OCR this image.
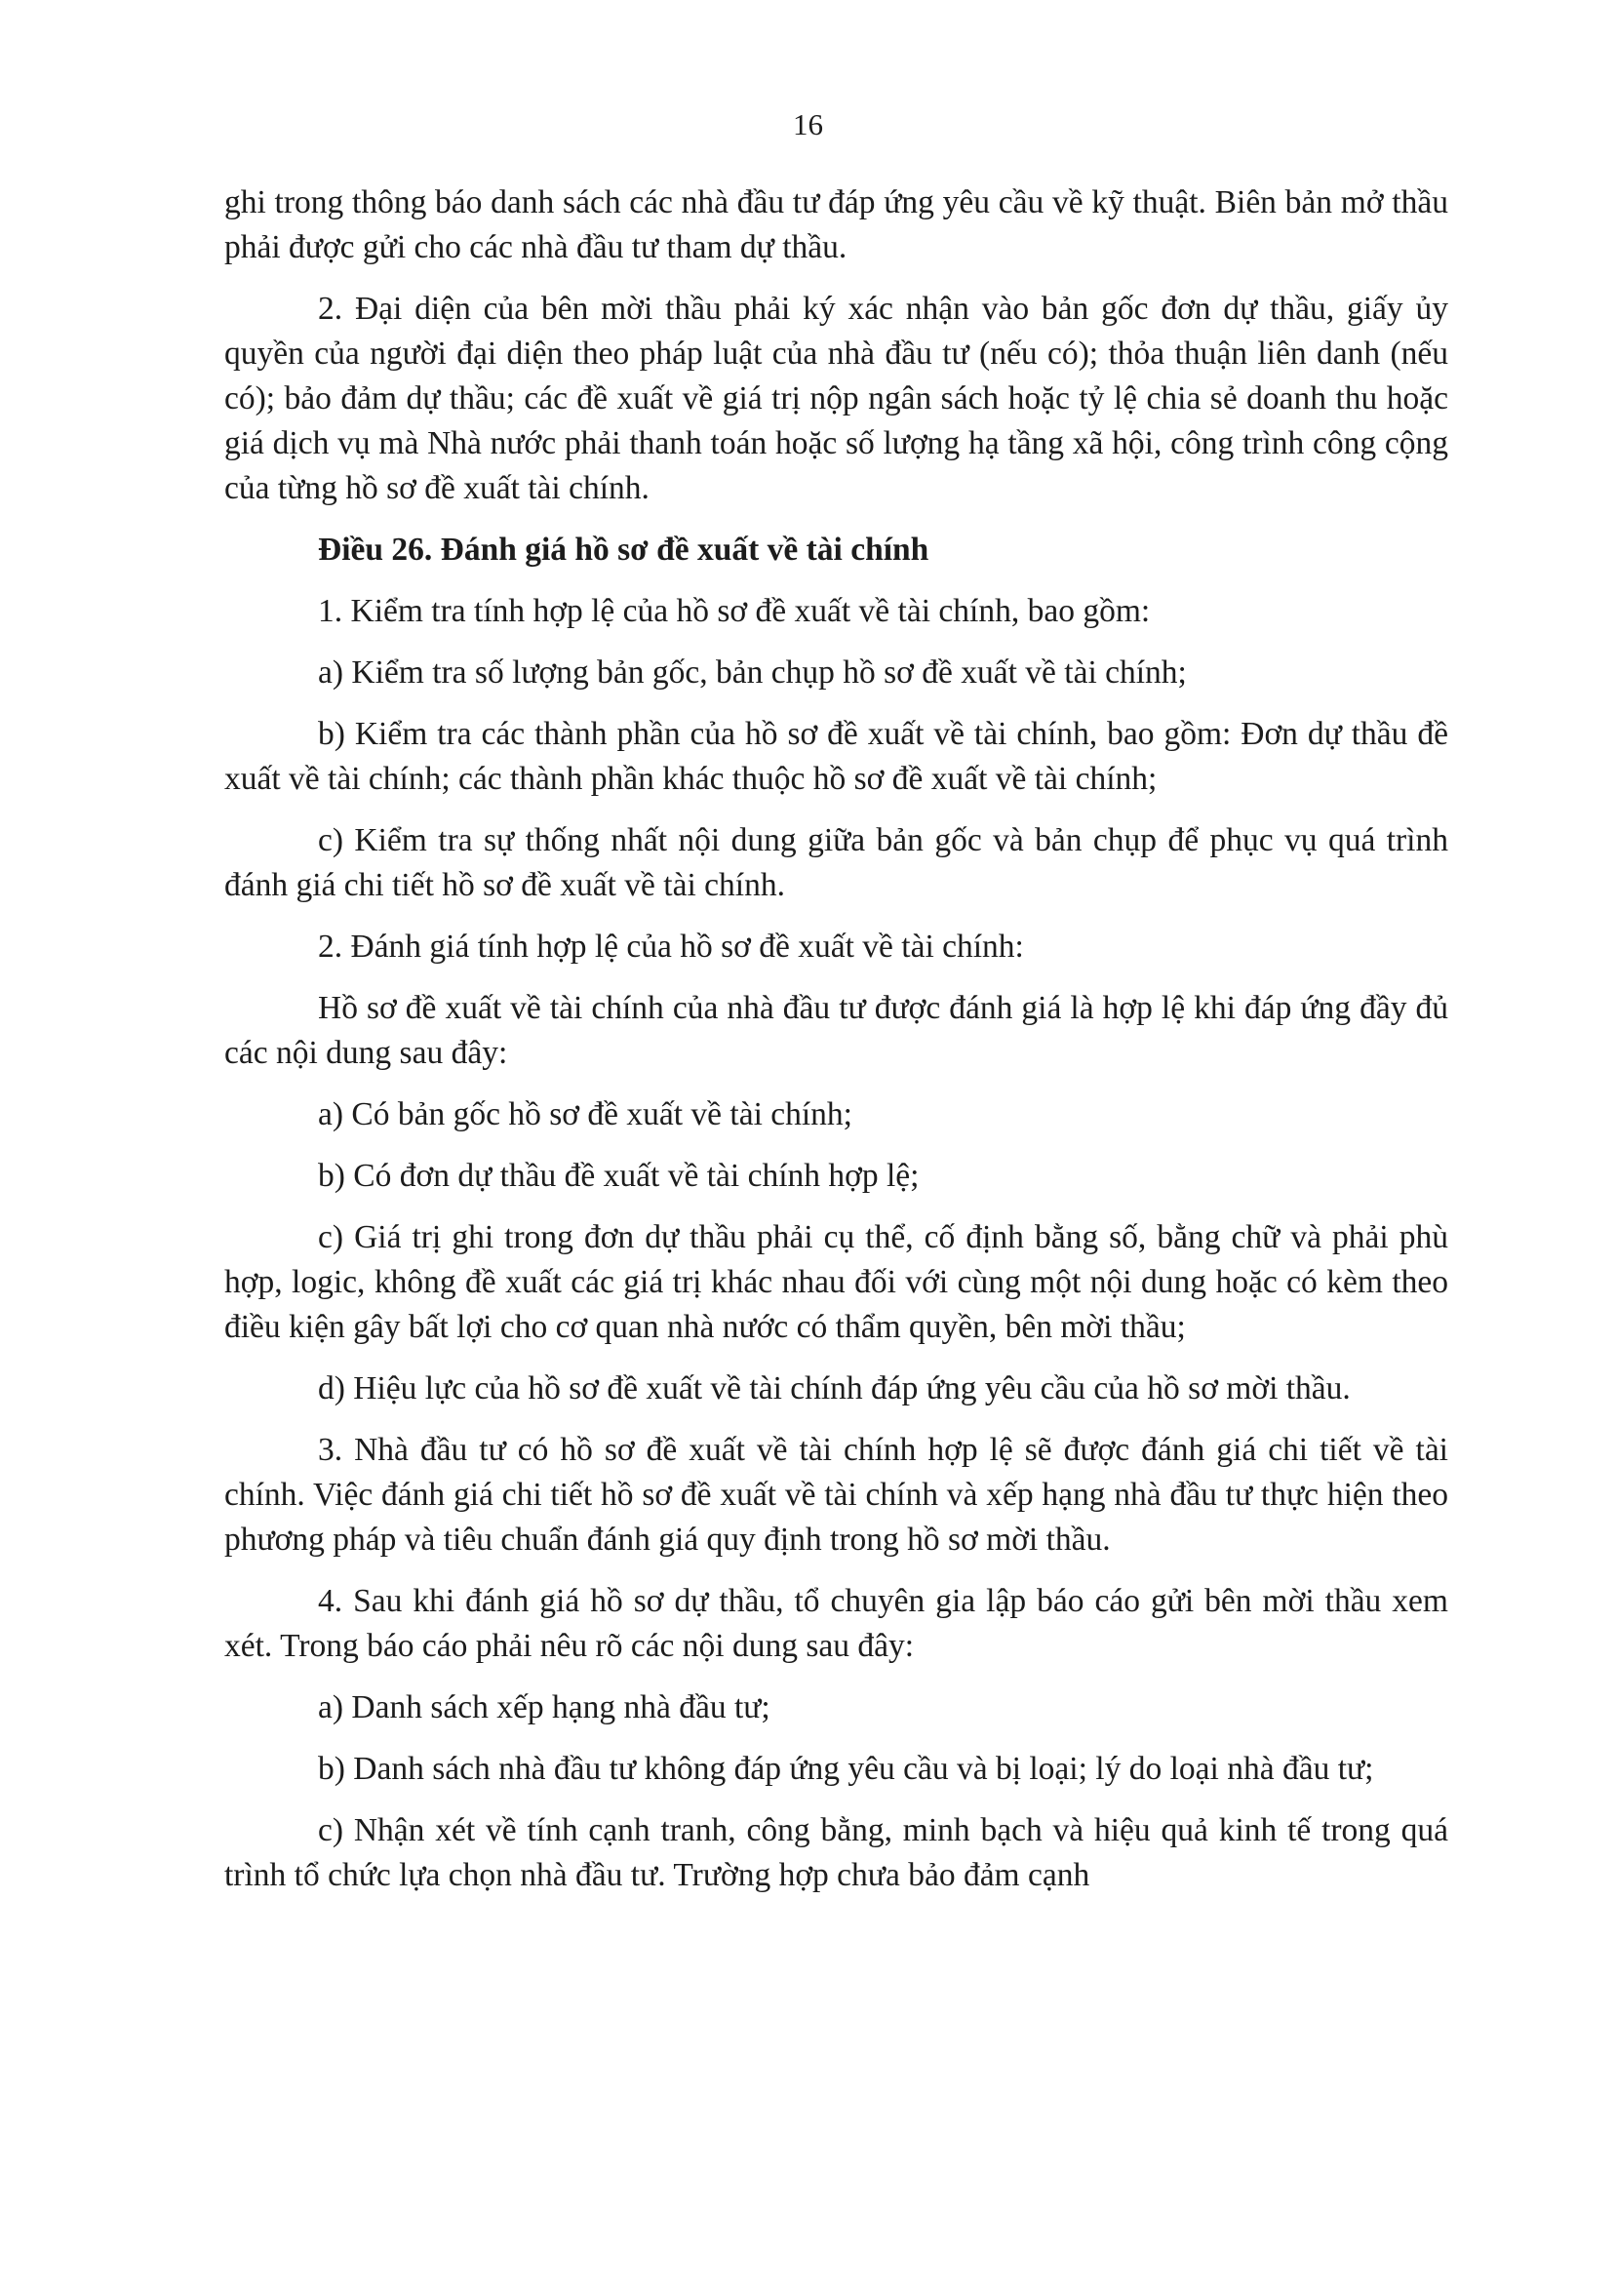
16

ghi trong thông báo danh sách các nhà đầu tư đáp ứng yêu cầu về kỹ thuật. Biên bản mở thầu phải được gửi cho các nhà đầu tư tham dự thầu.

2. Đại diện của bên mời thầu phải ký xác nhận vào bản gốc đơn dự thầu, giấy ủy quyền của người đại diện theo pháp luật của nhà đầu tư (nếu có); thỏa thuận liên danh (nếu có); bảo đảm dự thầu; các đề xuất về giá trị nộp ngân sách hoặc tỷ lệ chia sẻ doanh thu hoặc giá dịch vụ mà Nhà nước phải thanh toán hoặc số lượng hạ tầng xã hội, công trình công cộng của từng hồ sơ đề xuất tài chính.

Điều 26. Đánh giá hồ sơ đề xuất về tài chính

1. Kiểm tra tính hợp lệ của hồ sơ đề xuất về tài chính, bao gồm:

a) Kiểm tra số lượng bản gốc, bản chụp hồ sơ đề xuất về tài chính;

b) Kiểm tra các thành phần của hồ sơ đề xuất về tài chính, bao gồm: Đơn dự thầu đề xuất về tài chính; các thành phần khác thuộc hồ sơ đề xuất về tài chính;

c) Kiểm tra sự thống nhất nội dung giữa bản gốc và bản chụp để phục vụ quá trình đánh giá chi tiết hồ sơ đề xuất về tài chính.

2. Đánh giá tính hợp lệ của hồ sơ đề xuất về tài chính:

Hồ sơ đề xuất về tài chính của nhà đầu tư được đánh giá là hợp lệ khi đáp ứng đầy đủ các nội dung sau đây:

a) Có bản gốc hồ sơ đề xuất về tài chính;

b) Có đơn dự thầu đề xuất về tài chính hợp lệ;

c) Giá trị ghi trong đơn dự thầu phải cụ thể, cố định bằng số, bằng chữ và phải phù hợp, logic, không đề xuất các giá trị khác nhau đối với cùng một nội dung hoặc có kèm theo điều kiện gây bất lợi cho cơ quan nhà nước có thẩm quyền, bên mời thầu;

d) Hiệu lực của hồ sơ đề xuất về tài chính đáp ứng yêu cầu của hồ sơ mời thầu.

3. Nhà đầu tư có hồ sơ đề xuất về tài chính hợp lệ sẽ được đánh giá chi tiết về tài chính. Việc đánh giá chi tiết hồ sơ đề xuất về tài chính và xếp hạng nhà đầu tư thực hiện theo phương pháp và tiêu chuẩn đánh giá quy định trong hồ sơ mời thầu.

4. Sau khi đánh giá hồ sơ dự thầu, tổ chuyên gia lập báo cáo gửi bên mời thầu xem xét. Trong báo cáo phải nêu rõ các nội dung sau đây:

a) Danh sách xếp hạng nhà đầu tư;

b) Danh sách nhà đầu tư không đáp ứng yêu cầu và bị loại; lý do loại nhà đầu tư;

c) Nhận xét về tính cạnh tranh, công bằng, minh bạch và hiệu quả kinh tế trong quá trình tổ chức lựa chọn nhà đầu tư. Trường hợp chưa bảo đảm cạnh
